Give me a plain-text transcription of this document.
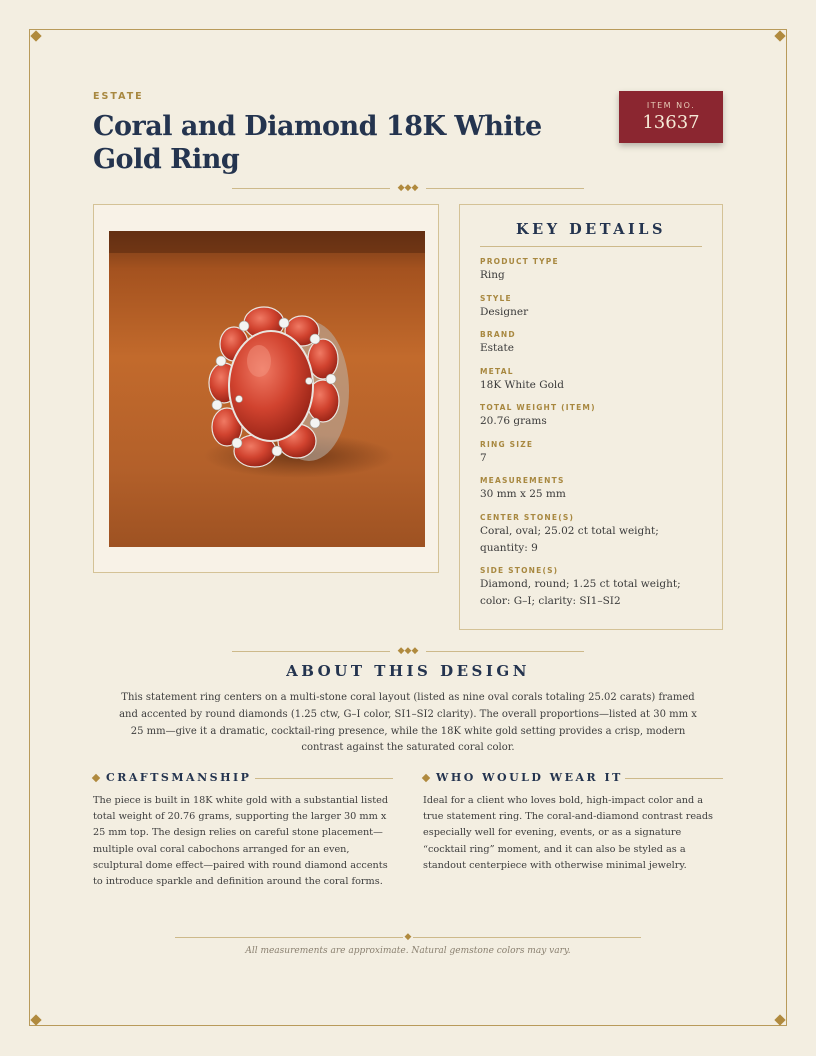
ESTATE
Coral and Diamond 18K White Gold Ring
ITEM NO.
13637
◆◆◆
KEY DETAILS
PRODUCT TYPE
Ring
STYLE
Designer
BRAND
Estate
METAL
18K White Gold
TOTAL WEIGHT (ITEM)
20.76 grams
RING SIZE
7
MEASUREMENTS
30 mm x 25 mm
CENTER STONE(S)
Coral, oval; 25.02 ct total weight; quantity: 9
SIDE STONE(S)
Diamond, round; 1.25 ct total weight; color: G–I; clarity: SI1–SI2
◆◆◆
ABOUT THIS DESIGN

This statement ring centers on a multi-stone coral layout (listed as nine oval corals totaling 25.02 carats) framed and accented by round diamonds (1.25 ctw, G–I color, SI1–SI2 clarity). The overall proportions—listed at 30 mm x 25 mm—give it a dramatic, cocktail-ring presence, while the 18K white gold setting provides a crisp, modern contrast against the saturated coral color.

CRAFTSMANSHIP

The piece is built in 18K white gold with a substantial listed total weight of 20.76 grams, supporting the larger 30 mm x 25 mm top. The design relies on careful stone placement—multiple oval coral cabochons arranged for an even, sculptural dome effect—paired with round diamond accents to introduce sparkle and definition around the coral forms.

WHO WOULD WEAR IT

Ideal for a client who loves bold, high-impact color and a true statement ring. The coral-and-diamond contrast reads especially well for evening, events, or as a signature “cocktail ring” moment, and it can also be styled as a standout centerpiece with otherwise minimal jewelry.

◆
All measurements are approximate. Natural gemstone colors may vary.
